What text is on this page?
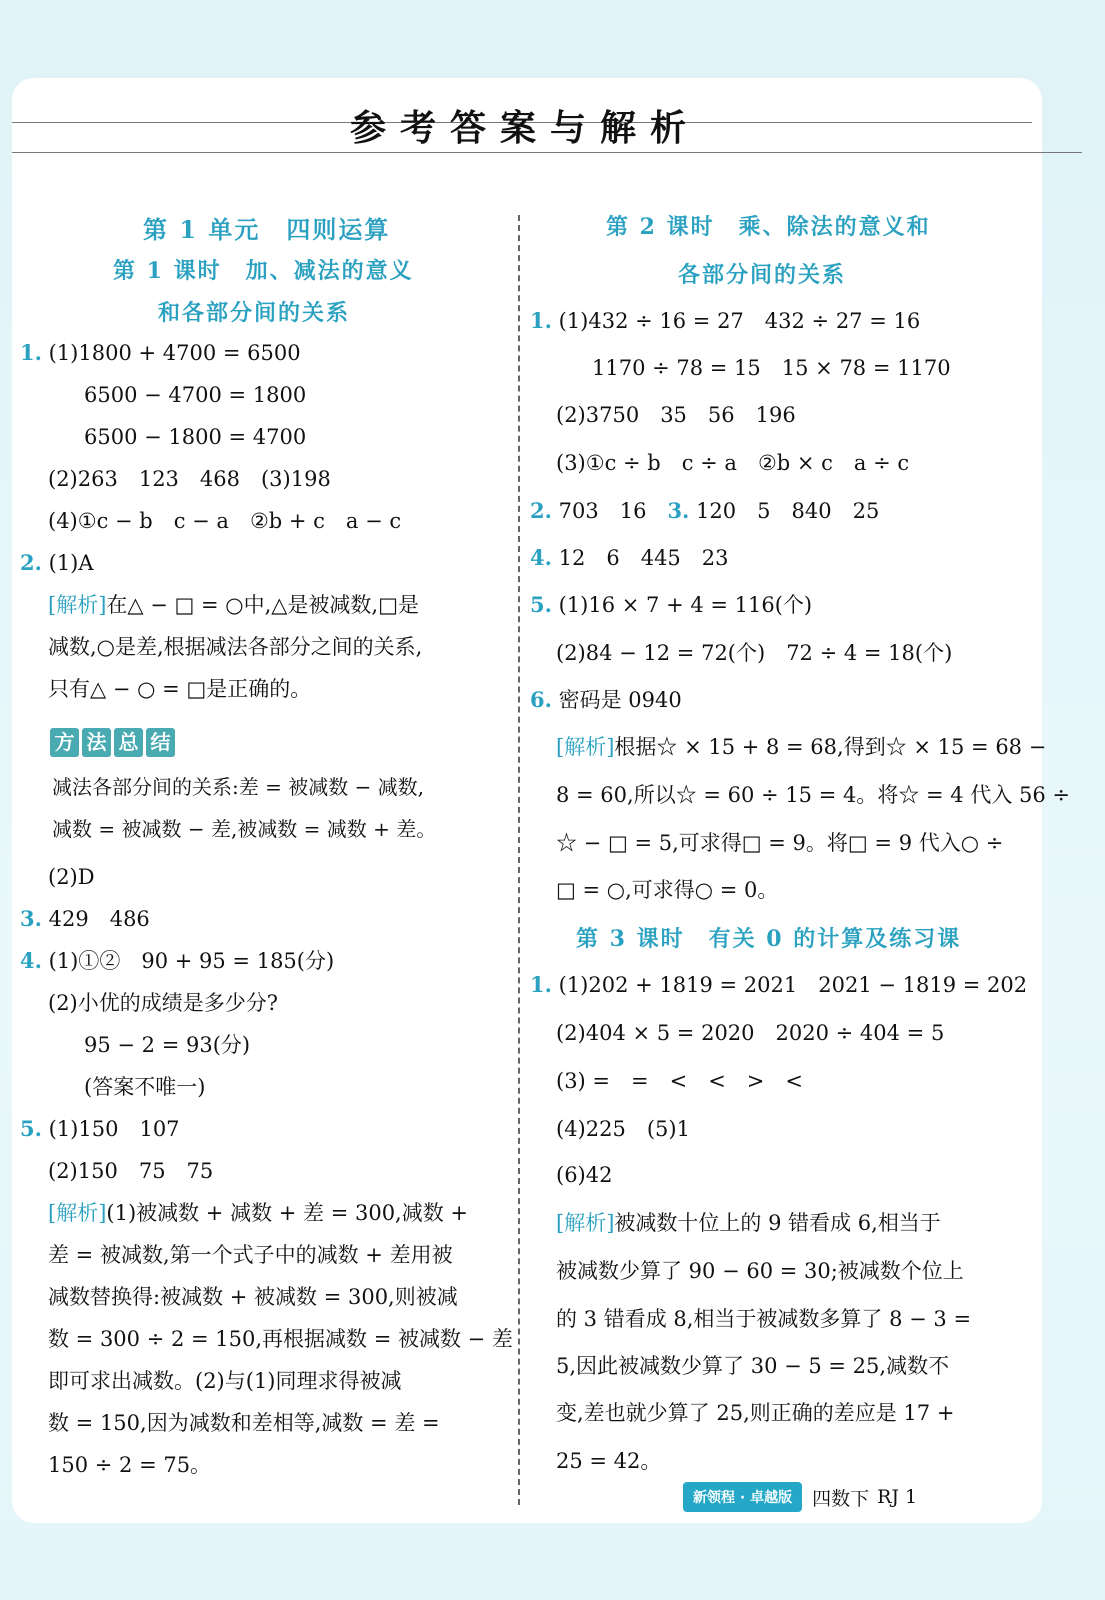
参考答案与解析
第 1 单元　四则运算
第 1 课时　加、减法的意义
和各部分间的关系
1. (1)1800 + 4700 = 6500
6500 − 4700 = 1800
6500 − 1800 = 4700
(2)263　123　468　(3)198
(4)①c − b　c − a　②b + c　a − c
2. (1)A
[解析]在△ − □ = ○中,△是被减数,□是
减数,○是差,根据减法各部分之间的关系,
只有△ − ○ = □是正确的。
方 法 总 结
减法各部分间的关系:差 = 被减数 − 减数,
减数 = 被减数 − 差,被减数 = 减数 + 差。
(2)D
3. 429　486
4. (1)①②　90 + 95 = 185(分)
(2)小优的成绩是多少分?
95 − 2 = 93(分)
(答案不唯一)
5. (1)150　107
(2)150　75　75
[解析](1)被减数 + 减数 + 差 = 300,减数 +
差 = 被减数,第一个式子中的减数 + 差用被
减数替换得:被减数 + 被减数 = 300,则被减
数 = 300 ÷ 2 = 150,再根据减数 = 被减数 − 差
即可求出减数。(2)与(1)同理求得被减
数 = 150,因为减数和差相等,减数 = 差 =
150 ÷ 2 = 75。
第 2 课时　乘、除法的意义和
各部分间的关系
1. (1)432 ÷ 16 = 27　432 ÷ 27 = 16
1170 ÷ 78 = 15　15 × 78 = 1170
(2)3750　35　56　196
(3)①c ÷ b　c ÷ a　②b × c　a ÷ c
2. 703　16　 3. 120　5　840　25
4. 12　6　445　23
5. (1)16 × 7 + 4 = 116(个)
(2)84 − 12 = 72(个)　72 ÷ 4 = 18(个)
6. 密码是 0940
[解析]根据☆ × 15 + 8 = 68,得到☆ × 15 = 68 −
8 = 60,所以☆ = 60 ÷ 15 = 4。将☆ = 4 代入 56 ÷
☆ − □ = 5,可求得□ = 9。将□ = 9 代入○ ÷
□ = ○,可求得○ = 0。
第 3 课时　有关 0 的计算及练习课
1. (1)202 + 1819 = 2021　2021 − 1819 = 202
(2)404 × 5 = 2020　2020 ÷ 404 = 5
(3) =　=　<　<　>　<
(4)225　(5)1
(6)42
[解析]被减数十位上的 9 错看成 6,相当于
被减数少算了 90 − 60 = 30;被减数个位上
的 3 错看成 8,相当于被减数多算了 8 − 3 =
5,因此被减数少算了 30 − 5 = 25,减数不
变,差也就少算了 25,则正确的差应是 17 +
25 = 42。
新领程 · 卓越版	四数下 RJ 1
